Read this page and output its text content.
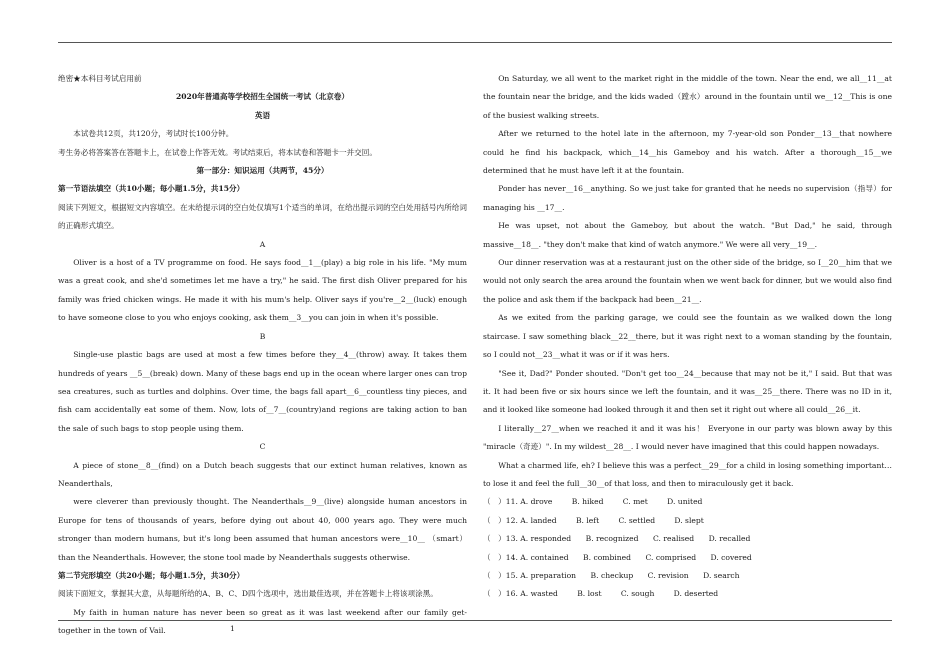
绝密★本科目考试启用前

2020年普通高等学校招生全国统一考试（北京卷）

英语

本试卷共12页，共120分，考试时长100分钟。

考生务必将答案答在答题卡上，在试卷上作答无效。考试结束后，将本试卷和答题卡一并交回。

第一部分：知识运用（共两节，45分）

第一节语法填空（共10小题；每小题1.5分，共15分）

阅读下列短文，根据短文内容填空。在未给提示词的空白处仅填写1个适当的单词，在给出提示词的空白处用括号内所给词的正确形式填空。

A

Oliver is a host of a TV programme on food. He says food__1__(play) a big role in his life. "My mum was a great cook, and she'd sometimes let me have a try," he said. The first dish Oliver prepared for his family was fried chicken wings. He made it with his mum's help. Oliver says if you're__2__(luck) enough to have someone close to you who enjoys cooking, ask them__3__you can join in when it's possible.

B

Single-use plastic bags are used at most a few times before they__4__(throw) away. It takes them hundreds of years __5__(break) down. Many of these bags end up in the ocean where larger ones can trop sea creatures, such as turtles and dolphins. Over time, the bags fall apart__6__countless tiny pieces, and fish cam accidentally eat some of them. Now, lots of__7__(country)and regions are taking action to ban the sale of such bags to stop people using them.

C

A piece of stone__8__(find) on a Dutch beach suggests that our extinct human relatives, known as Neanderthals,

were cleverer than previously thought. The Neanderthals__9__(live) alongside human ancestors in Europe for tens of thousands of years, before dying out about 40, 000 years ago. They were much stronger than modern humans, but it's long been assumed that human ancestors were__10__ （smart）than the Neanderthals. However, the stone tool made by Neanderthals suggests otherwise.

第二节完形填空（共20小题；每小题1.5分，共30分）

阅读下面短文，掌握其大意，从每题所给的A、B、C、D四个选项中，选出最佳选项，并在答题卡上将该项涂黑。

My faith in human nature has never been so great as it was last weekend after our family get-together in the town of Vail.

On Saturday, we all went to the market right in the middle of the town. Near the end, we all__11__at the fountain near the bridge, and the kids waded（蹚水）around in the fountain until we__12__This is one of the busiest walking streets.

After we returned to the hotel late in the afternoon, my 7-year-old son Ponder__13__that nowhere could he find his backpack, which__14__his Gameboy and his watch. After a thorough__15__we determined that he must have left it at the fountain.

Ponder has never__16__anything. So we just take for granted that he needs no supervision（指导）for managing his __17__.

He was upset, not about the Gameboy, but about the watch. "But Dad," he said, through massive__18__. "they don't make that kind of watch anymore." We were all very__19__.

Our dinner reservation was at a restaurant just on the other side of the bridge, so I__20__him that we would not only search the area around the fountain when we went back for dinner, but we would also find the police and ask them if the backpack had been__21__.

As we exited from the parking garage, we could see the fountain as we walked down the long staircase. I saw something black__22__there, but it was right next to a woman standing by the fountain, so I could not__23__what it was or if it was hers.

"See it, Dad?" Ponder shouted. "Don't get too__24__because that may not be it," I said. But that was it. It had been five or six hours since we left the fountain, and it was__25__there. There was no ID in it, and it looked like someone had looked through it and then set it right out where all could__26__it.

I literally__27__when we reached it and it was his！ Everyone in our party was blown away by this "miracle（奇迹）". In my wildest__28__. I would never have imagined that this could happen nowadays.

What a charmed life, eh? I believe this was a perfect__29__for a child in losing something important…to lose it and feel the full__30__of that loss, and then to miraculously get it back.

（　）11. A. drove        B. hiked        C. met        D. united

（　）12. A. landed        B. left        C. settled        D. slept

（　）13. A. responded      B. recognized      C. realised      D. recalled

（　）14. A. contained      B. combined      C. comprised      D. covered

（　）15. A. preparation      B. checkup      C. revision      D. search

（　）16. A. wasted        B. lost        C. sough        D. deserted

1
